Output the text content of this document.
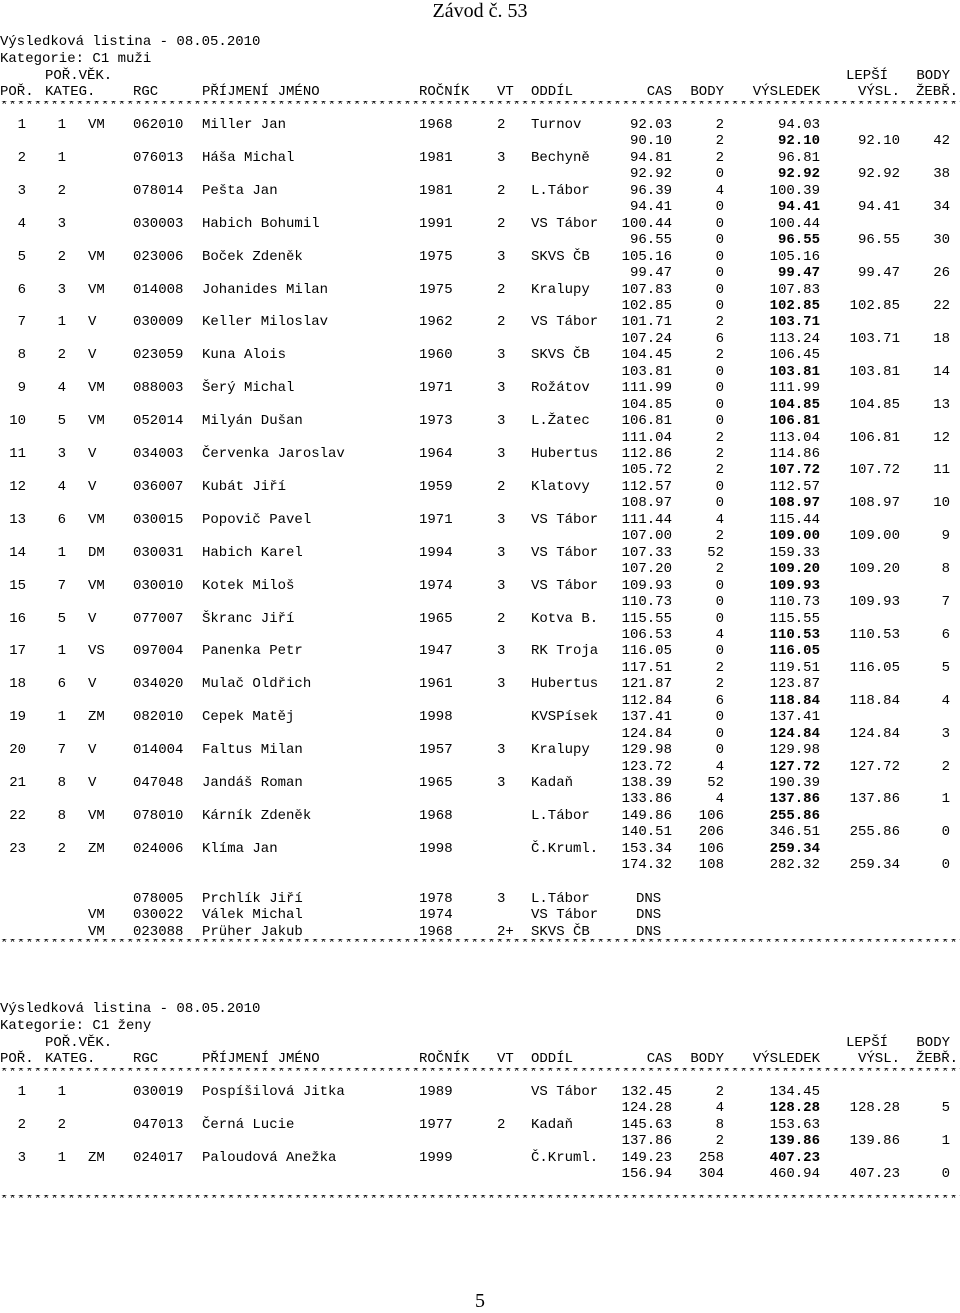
Závod č. 53
Výsledková listina - 08.05.2010
Kategorie: C1 muži
POŘ.VĚK.	LEPŠÍ	BODY
POŘ. KATEG.	RGC	PŘÍJMENÍ JMÉNO	ROČNÍK VT ODDÍL	CAS	BODY	VÝSLEDEK	VÝSL.	ŽEBŘ.
*****
1	1 VM 062010 Miller Jan	1968	2 Turnov	92.03	2	94.03
90.10	2	92.10	92.10	42
2	1	076013 Háša Michal	1981	3 Bechyně	94.81	2	96.81
92.92	0	92.92	92.92	38
3	2	078014 Pešta Jan	1981	2 L.Tábor	96.39	4	100.39
94.41	0	94.41	94.41	34
4	3	030003 Habich Bohumil	1991	2 VS Tábor	100.44	0	100.44
96.55	0	96.55	96.55	30
5	2 VM 023006 Boček Zdeněk	1975	3 SKVS ČB	105.16	0	105.16
99.47	0	99.47	99.47	26
6	3 VM 014008 Johanides Milan	1975	2 Kralupy	107.83	0	107.83
102.85	0	102.85	102.85	22
7	1 V	030009 Keller Miloslav	1962	2 VS Tábor	101.71	2	103.71
107.24	6	113.24	103.71	18
8	2 V	023059 Kuna Alois	1960	3 SKVS ČB	104.45	2	106.45
103.81	0	103.81	103.81	14
9	4 VM 088003 Šerý Michal	1971	3 Rožátov	111.99	0	111.99
104.85	0	104.85	104.85	13
10	5 VM 052014 Milyán Dušan	1973	3 L.Žatec	106.81	0	106.81
111.04	2	113.04	106.81	12
11	3 V	034003 Červenka Jaroslav	1964	3 Hubertus	112.86	2	114.86
105.72	2	107.72	107.72	11
12	4 V	036007 Kubát Jiří	1959	2 Klatovy	112.57	0	112.57
108.97	0	108.97	108.97	10
13	6 VM 030015 Popovič Pavel	1971	3 VS Tábor	111.44	4	115.44
107.00	2	109.00	109.00	9
14	1 DM 030031 Habich Karel	1994	3 VS Tábor	107.33	52	159.33
107.20	2	109.20	109.20	8
15	7 VM 030010 Kotek Miloš	1974	3 VS Tábor	109.93	0	109.93
110.73	0	110.73	109.93	7
16	5 V	077007 Škranc Jiří	1965	2 Kotva B.	115.55	0	115.55
106.53	4	110.53	110.53	6
17	1 VS 097004 Panenka Petr	1947	3 RK Troja	116.05	0	116.05
117.51	2	119.51	116.05	5
18	6 V	034020 Mulač Oldřich	1961	3 Hubertus	121.87	2	123.87
112.84	6	118.84	118.84	4
19	1 ZM 082010 Cepek Matěj	1998	KVSPísek	137.41	0	137.41
124.84	0	124.84	124.84	3
20	7 V	014004 Faltus Milan	1957	3 Kralupy	129.98	0	129.98
123.72	4	127.72	127.72	2
21	8 V	047048 Jandáš Roman	1965	3 Kadaň	138.39	52	190.39
133.86	4	137.86	137.86	1
22	8 VM 078010 Kárník Zdeněk	1968	L.Tábor	149.86	106	255.86
140.51	206	346.51	255.86	0
23	2 ZM 024006 Klíma Jan	1998	Č.Kruml.	153.34	106	259.34
174.32	108	282.32	259.34	0
078005 Prchlík Jiří	1978	3 L.Tábor	DNS
VM 030022 Válek Michal	1974	VS Tábor	DNS
VM 023088 Prüher Jakub	1968	2+ SKVS ČB	DNS
*****
Výsledková listina - 08.05.2010
Kategorie: C1 ženy
POŘ.VĚK.	LEPŠÍ	BODY
POŘ. KATEG.	RGC	PŘÍJMENÍ JMÉNO	ROČNÍK VT ODDÍL	CAS	BODY	VÝSLEDEK	VÝSL.	ŽEBŘ.
*****
1	1	030019 Pospíšilová Jitka	1989	VS Tábor	132.45	2	134.45
124.28	4	128.28	128.28	5
2	2	047013 Černá Lucie	1977	2 Kadaň	145.63	8	153.63
137.86	2	139.86	139.86	1
3	1 ZM 024017 Paloudová Anežka	1999	Č.Kruml.	149.23	258	407.23
156.94	304	460.94	407.23	0
*****
5
